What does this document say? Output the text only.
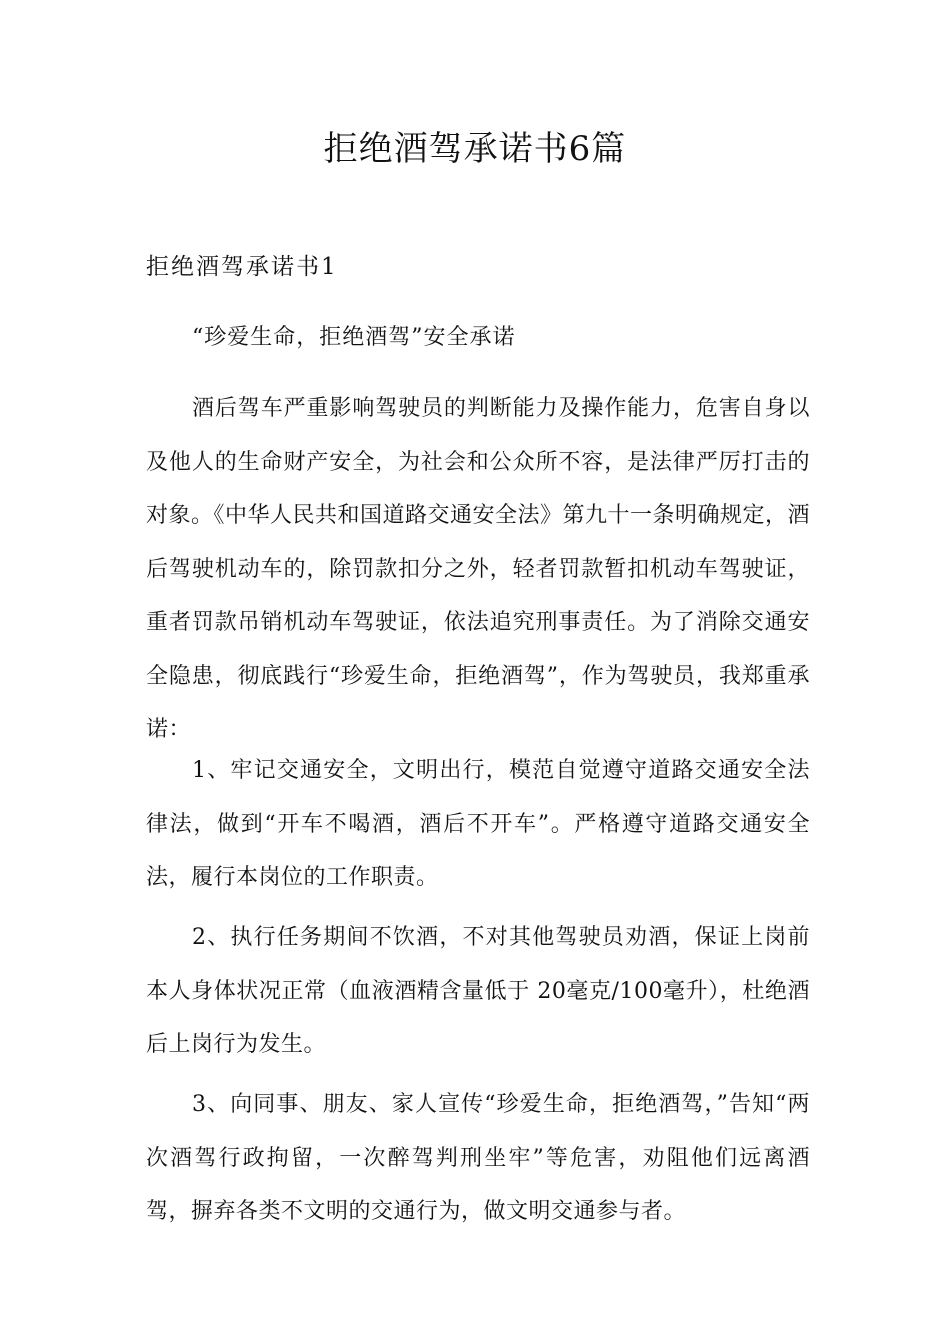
拒绝酒驾承诺书6篇
拒绝酒驾承诺书1
“珍爱生命，拒绝酒驾”安全承诺

酒后驾车严重影响驾驶员的判断能力及操作能力，危害自身以及他人的生命财产安全，为社会和公众所不容，是法律严厉打击的对象。《中华人民共和国道路交通安全法》第九十一条明确规定，酒后驾驶机动车的，除罚款扣分之外，轻者罚款暂扣机动车驾驶证，重者罚款吊销机动车驾驶证，依法追究刑事责任。为了消除交通安全隐患，彻底践行“珍爱生命，拒绝酒驾”，作为驾驶员，我郑重承诺：

1、牢记交通安全，文明出行，模范自觉遵守道路交通安全法律法，做到“开车不喝酒，酒后不开车”。严格遵守道路交通安全法，履行本岗位的工作职责。

2、执行任务期间不饮酒，不对其他驾驶员劝酒，保证上岗前本人身体状况正常（血液酒精含量低于 20毫克/100毫升），杜绝酒后上岗行为发生。

3、向同事、朋友、家人宣传“珍爱生命，拒绝酒驾，”告知“两次酒驾行政拘留，一次醉驾判刑坐牢”等危害，劝阻他们远离酒驾，摒弃各类不文明的交通行为，做文明交通参与者。
